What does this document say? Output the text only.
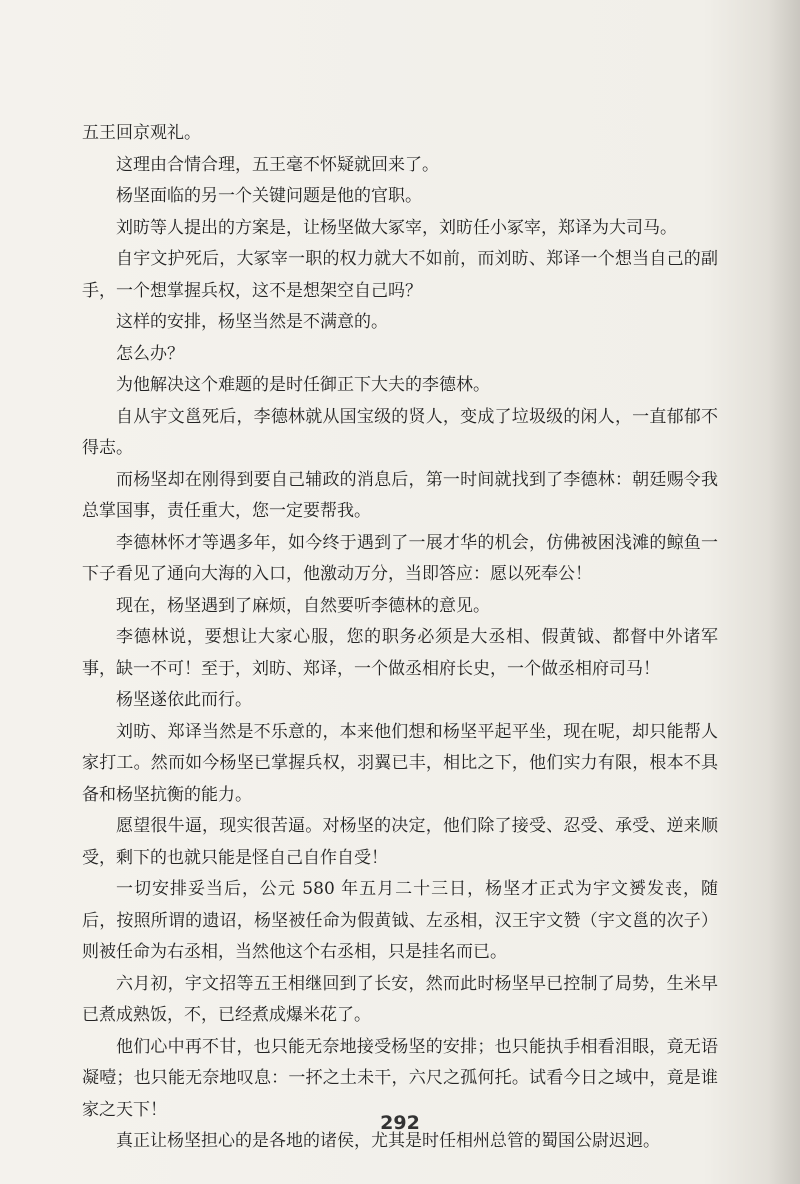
五王回京观礼。

这理由合情合理，五王毫不怀疑就回来了。

杨坚面临的另一个关键问题是他的官职。

刘昉等人提出的方案是，让杨坚做大冢宰，刘昉任小冢宰，郑译为大司马。

自宇文护死后，大冢宰一职的权力就大不如前，而刘昉、郑译一个想当自己的副手，一个想掌握兵权，这不是想架空自己吗？

这样的安排，杨坚当然是不满意的。

怎么办？

为他解决这个难题的是时任御正下大夫的李德林。

自从宇文邕死后，李德林就从国宝级的贤人，变成了垃圾级的闲人，一直郁郁不得志。

而杨坚却在刚得到要自己辅政的消息后，第一时间就找到了李德林：朝廷赐令我总掌国事，责任重大，您一定要帮我。

李德林怀才等遇多年，如今终于遇到了一展才华的机会，仿佛被困浅滩的鲸鱼一下子看见了通向大海的入口，他激动万分，当即答应：愿以死奉公！

现在，杨坚遇到了麻烦，自然要听李德林的意见。

李德林说，要想让大家心服，您的职务必须是大丞相、假黄钺、都督中外诸军事，缺一不可！至于，刘昉、郑译，一个做丞相府长史，一个做丞相府司马！

杨坚遂依此而行。

刘昉、郑译当然是不乐意的，本来他们想和杨坚平起平坐，现在呢，却只能帮人家打工。然而如今杨坚已掌握兵权，羽翼已丰，相比之下，他们实力有限，根本不具备和杨坚抗衡的能力。

愿望很牛逼，现实很苦逼。对杨坚的决定，他们除了接受、忍受、承受、逆来顺受，剩下的也就只能是怪自己自作自受！

一切安排妥当后，公元 580 年五月二十三日，杨坚才正式为宇文赟发丧，随后，按照所谓的遗诏，杨坚被任命为假黄钺、左丞相，汉王宇文赞（宇文邕的次子）则被任命为右丞相，当然他这个右丞相，只是挂名而已。

六月初，宇文招等五王相继回到了长安，然而此时杨坚早已控制了局势，生米早已煮成熟饭，不，已经煮成爆米花了。

他们心中再不甘，也只能无奈地接受杨坚的安排；也只能执手相看泪眼，竟无语凝噎；也只能无奈地叹息：一抔之土未干，六尺之孤何托。试看今日之域中，竟是谁家之天下！

真正让杨坚担心的是各地的诸侯，尤其是时任相州总管的蜀国公尉迟迥。

292
